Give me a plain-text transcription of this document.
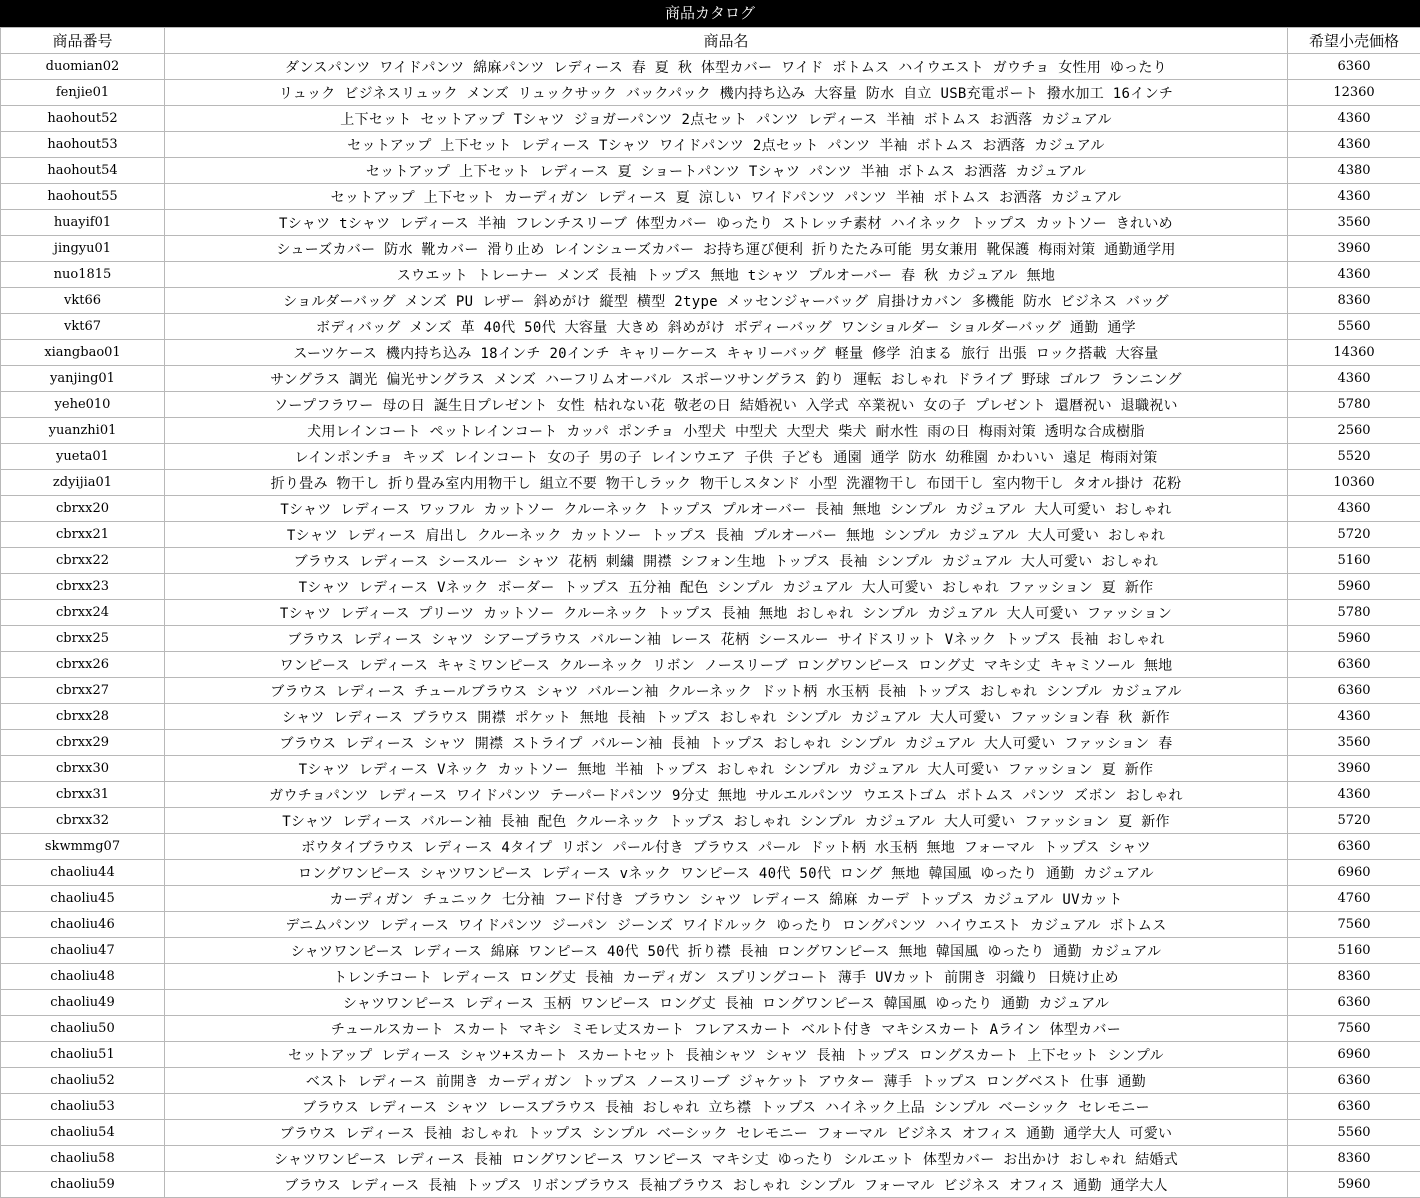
商品カタログ
商品番号	商品名	希望小売価格
duomian02	ダンスパンツ ワイドパンツ 綿麻パンツ レディース 春 夏 秋 体型カバー ワイド ボトムス ハイウエスト ガウチョ 女性用 ゆったり	6360
fenjie01	リュック ビジネスリュック メンズ リュックサック バックパック 機内持ち込み 大容量 防水 自立 USB充電ポート 撥水加工 16インチ	12360
haohout52	上下セット セットアップ Tシャツ ジョガーパンツ 2点セット パンツ レディース 半袖 ボトムス お洒落 カジュアル	4360
haohout53	セットアップ 上下セット レディース Tシャツ ワイドパンツ 2点セット パンツ 半袖 ボトムス お洒落 カジュアル	4360
haohout54	セットアップ 上下セット レディース 夏 ショートパンツ Tシャツ パンツ 半袖 ボトムス お洒落 カジュアル	4380
haohout55	セットアップ 上下セット カーディガン レディース 夏 涼しい ワイドパンツ パンツ 半袖 ボトムス お洒落 カジュアル	4360
huayif01	Tシャツ tシャツ レディース 半袖 フレンチスリーブ 体型カバー ゆったり ストレッチ素材 ハイネック トップス カットソー きれいめ	3560
jingyu01	シューズカバー 防水 靴カバー 滑り止め レインシューズカバー お持ち運び便利 折りたたみ可能 男女兼用 靴保護 梅雨対策 通勤通学用	3960
nuo1815	スウエット トレーナー メンズ 長袖 トップス 無地 tシャツ プルオーバー 春 秋 カジュアル 無地	4360
vkt66	ショルダーバッグ メンズ PU レザー 斜めがけ 縦型 横型 2type メッセンジャーバッグ 肩掛けカバン 多機能 防水 ビジネス バッグ	8360
vkt67	ボディバッグ メンズ 革 40代 50代 大容量 大きめ 斜めがけ ボディーバッグ ワンショルダー ショルダーバッグ 通勤 通学	5560
xiangbao01	スーツケース 機内持ち込み 18インチ 20インチ キャリーケース キャリーバッグ 軽量 修学 泊まる 旅行 出張 ロック搭載 大容量	14360
yanjing01	サングラス 調光 偏光サングラス メンズ ハーフリムオーバル スポーツサングラス 釣り 運転 おしゃれ ドライブ 野球 ゴルフ ランニング	4360
yehe010	ソープフラワー 母の日 誕生日プレゼント 女性 枯れない花 敬老の日 結婚祝い 入学式 卒業祝い 女の子 プレゼント 還暦祝い 退職祝い	5780
yuanzhi01	犬用レインコート ペットレインコート カッパ ポンチョ 小型犬 中型犬 大型犬 柴犬 耐水性 雨の日 梅雨対策 透明な合成樹脂	2560
yueta01	レインポンチョ キッズ レインコート 女の子 男の子 レインウエア 子供 子ども 通園 通学 防水 幼稚園 かわいい 遠足 梅雨対策	5520
zdyijia01	折り畳み 物干し 折り畳み室内用物干し 組立不要 物干しラック 物干しスタンド 小型 洗濯物干し 布団干し 室内物干し タオル掛け 花粉	10360
cbrxx20	Tシャツ レディース ワッフル カットソー クルーネック トップス プルオーバー 長袖 無地 シンプル カジュアル 大人可愛い おしゃれ	4360
cbrxx21	Tシャツ レディース 肩出し クルーネック カットソー トップス 長袖 プルオーバー 無地 シンプル カジュアル 大人可愛い おしゃれ	5720
cbrxx22	ブラウス レディース シースルー シャツ 花柄 刺繍 開襟 シフォン生地 トップス 長袖 シンプル カジュアル 大人可愛い おしゃれ	5160
cbrxx23	Tシャツ レディース Vネック ボーダー トップス 五分袖 配色 シンプル カジュアル 大人可愛い おしゃれ ファッション 夏 新作	5960
cbrxx24	Tシャツ レディース プリーツ カットソー クルーネック トップス 長袖 無地 おしゃれ シンプル カジュアル 大人可愛い ファッション	5780
cbrxx25	ブラウス レディース シャツ シアーブラウス バルーン袖 レース 花柄 シースルー サイドスリット Vネック トップス 長袖 おしゃれ	5960
cbrxx26	ワンピース レディース キャミワンピース クルーネック リボン ノースリーブ ロングワンピース ロング丈 マキシ丈 キャミソール 無地	6360
cbrxx27	ブラウス レディース チュールブラウス シャツ バルーン袖 クルーネック ドット柄 水玉柄 長袖 トップス おしゃれ シンプル カジュアル	6360
cbrxx28	シャツ レディース ブラウス 開襟 ポケット 無地 長袖 トップス おしゃれ シンプル カジュアル 大人可愛い ファッション春 秋 新作	4360
cbrxx29	ブラウス レディース シャツ 開襟 ストライプ バルーン袖 長袖 トップス おしゃれ シンプル カジュアル 大人可愛い ファッション 春	3560
cbrxx30	Tシャツ レディース Vネック カットソー 無地 半袖 トップス おしゃれ シンプル カジュアル 大人可愛い ファッション 夏 新作	3960
cbrxx31	ガウチョパンツ レディース ワイドパンツ テーパードパンツ 9分丈 無地 サルエルパンツ ウエストゴム ボトムス パンツ ズボン おしゃれ	4360
cbrxx32	Tシャツ レディース バルーン袖 長袖 配色 クルーネック トップス おしゃれ シンプル カジュアル 大人可愛い ファッション 夏 新作	5720
skwmmg07	ボウタイブラウス レディース 4タイプ リボン パール付き ブラウス パール ドット柄 水玉柄 無地 フォーマル トップス シャツ	6360
chaoliu44	ロングワンピース シャツワンピース レディース vネック ワンピース 40代 50代 ロング 無地 韓国風 ゆったり 通勤 カジュアル	6960
chaoliu45	カーディガン チュニック 七分袖 フード付き ブラウン シャツ レディース 綿麻 カーデ トップス カジュアル UVカット	4760
chaoliu46	デニムパンツ レディース ワイドパンツ ジーパン ジーンズ ワイドルック ゆったり ロングパンツ ハイウエスト カジュアル ボトムス	7560
chaoliu47	シャツワンピース レディース 綿麻 ワンピース 40代 50代 折り襟 長袖 ロングワンピース 無地 韓国風 ゆったり 通勤 カジュアル	5160
chaoliu48	トレンチコート レディース ロング丈 長袖 カーディガン スプリングコート 薄手 UVカット 前開き 羽織り 日焼け止め	8360
chaoliu49	シャツワンピース レディース 玉柄 ワンピース ロング丈 長袖 ロングワンピース 韓国風 ゆったり 通勤 カジュアル	6360
chaoliu50	チュールスカート スカート マキシ ミモレ丈スカート フレアスカート ベルト付き マキシスカート Aライン 体型カバー	7560
chaoliu51	セットアップ レディース シャツ+スカート スカートセット 長袖シャツ シャツ 長袖 トップス ロングスカート 上下セット シンプル	6960
chaoliu52	ベスト レディース 前開き カーディガン トップス ノースリーブ ジャケット アウター 薄手 トップス ロングベスト 仕事 通勤	6360
chaoliu53	ブラウス レディース シャツ レースブラウス 長袖 おしゃれ 立ち襟 トップス ハイネック上品 シンプル ベーシック セレモニー	6360
chaoliu54	ブラウス レディース 長袖 おしゃれ トップス シンプル ベーシック セレモニー フォーマル ビジネス オフィス 通勤 通学大人 可愛い	5560
chaoliu58	シャツワンピース レディース 長袖 ロングワンピース ワンピース マキシ丈 ゆったり シルエット 体型カバー お出かけ おしゃれ 結婚式	8360
chaoliu59	ブラウス レディース 長袖 トップス リボンブラウス 長袖ブラウス おしゃれ シンプル フォーマル ビジネス オフィス 通勤 通学大人	5960
